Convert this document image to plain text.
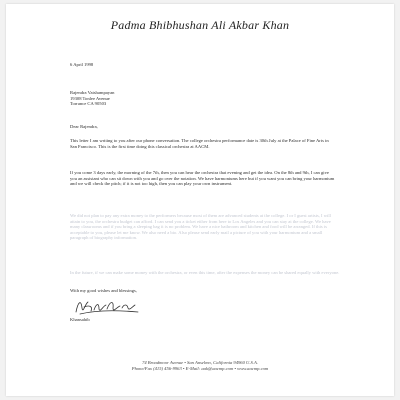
Padma Bhibhushan Ali Akbar Khan
6 April 1998
Rajendra Vaishampayan
19308 Tonlee Avenue
Torrance CA 90503
Dear Rajendra,
This letter I am writing to you after our phone conversation. The college orchestra performance date is 30th July at the Palace of Fine Arts in San Francisco. This is the first time doing this classical orchestra at AACM.
If you come 3 days early, the morning of the 7th, then you can hear the orchestra that evening and get the idea. On the 8th and 9th, I can give you an assistant who can sit down with you and go over the notation. We have harmoniums here but if you want you can bring your harmonium and we will check the pitch; if it is not too high, then you can play your own instrument.
We did not plan to pay any extra money to the performers because most of them are advanced students at the college. I or I guest artists, I will attain to you, the orchestra budget can afford. I can send you a ticket either from here to Los Angeles and you can stay at the college. We have many classrooms and if you bring a sleeping bag it is no problem. We have a nice bathroom and kitchen and food will be arranged. If this is acceptable to you, please let me know. We also need a bio. Also please send early mail a picture of you with your harmonium and a small paragraph of biography information.
In the future, if we can make some money with the orchestra, or even this time, after the expenses the money can be shared equally with everyone.
With my good wishes and blessings,
Khansahib
74 Broadmoor Avenue • San Anselmo, California 94960 U.S.A.
Phone/Fax (415) 456-9963 • E-Mail: aak@aacmp.com • www.aacmp.com
